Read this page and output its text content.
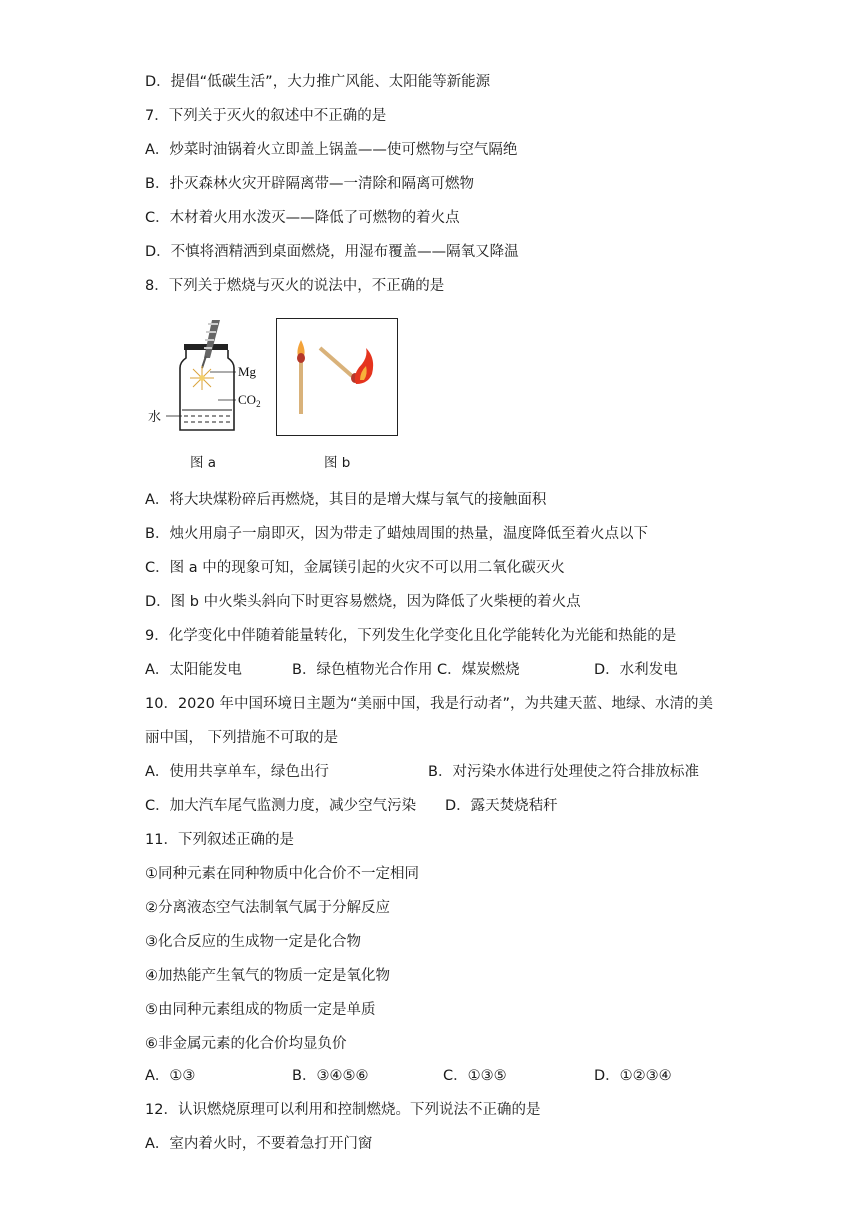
D．提倡“低碳生活”，大力推广风能、太阳能等新能源
7．下列关于灭火的叙述中不正确的是
A．炒菜时油锅着火立即盖上锅盖——使可燃物与空气隔绝
B．扑灭森林火灾开辟隔离带—一清除和隔离可燃物
C．木材着火用水泼灭——降低了可燃物的着火点
D．不慎将酒精洒到桌面燃烧，用湿布覆盖——隔氧又降温
8．下列关于燃烧与灭火的说法中，不正确的是
Mg
$CO_2$
水
图 a	图 b
A．将大块煤粉碎后再燃烧，其目的是增大煤与氧气的接触面积
B．烛火用扇子一扇即灭，因为带走了蜡烛周围的热量，温度降低至着火点以下
C．图 a 中的现象可知，金属镁引起的火灾不可以用二氧化碳灭火
D．图 b 中火柴头斜向下时更容易燃烧，因为降低了火柴梗的着火点
9．化学变化中伴随着能量转化，下列发生化学变化且化学能转化为光能和热能的是
A．太阳能发电	B．绿色植物光合作用 C．煤炭燃烧	D．水利发电
10．2020 年中国环境日主题为“美丽中国，我是行动者”，为共建天蓝、地绿、水清的美
丽中国， 下列措施不可取的是
A．使用共享单车，绿色出行	B．对污染水体进行处理使之符合排放标准
C．加大汽车尾气监测力度，减少空气污染 D．露天焚烧秸秆
11．下列叙述正确的是
①同种元素在同种物质中化合价不一定相同
②分离液态空气法制氧气属于分解反应
③化合反应的生成物一定是化合物
④加热能产生氧气的物质一定是氧化物
⑤由同种元素组成的物质一定是单质
⑥非金属元素的化合价均显负价
A．①③	B．③④⑤⑥	C．①③⑤	D．①②③④
12．认识燃烧原理可以利用和控制燃烧。下列说法不正确的是
A．室内着火时，不要着急打开门窗
